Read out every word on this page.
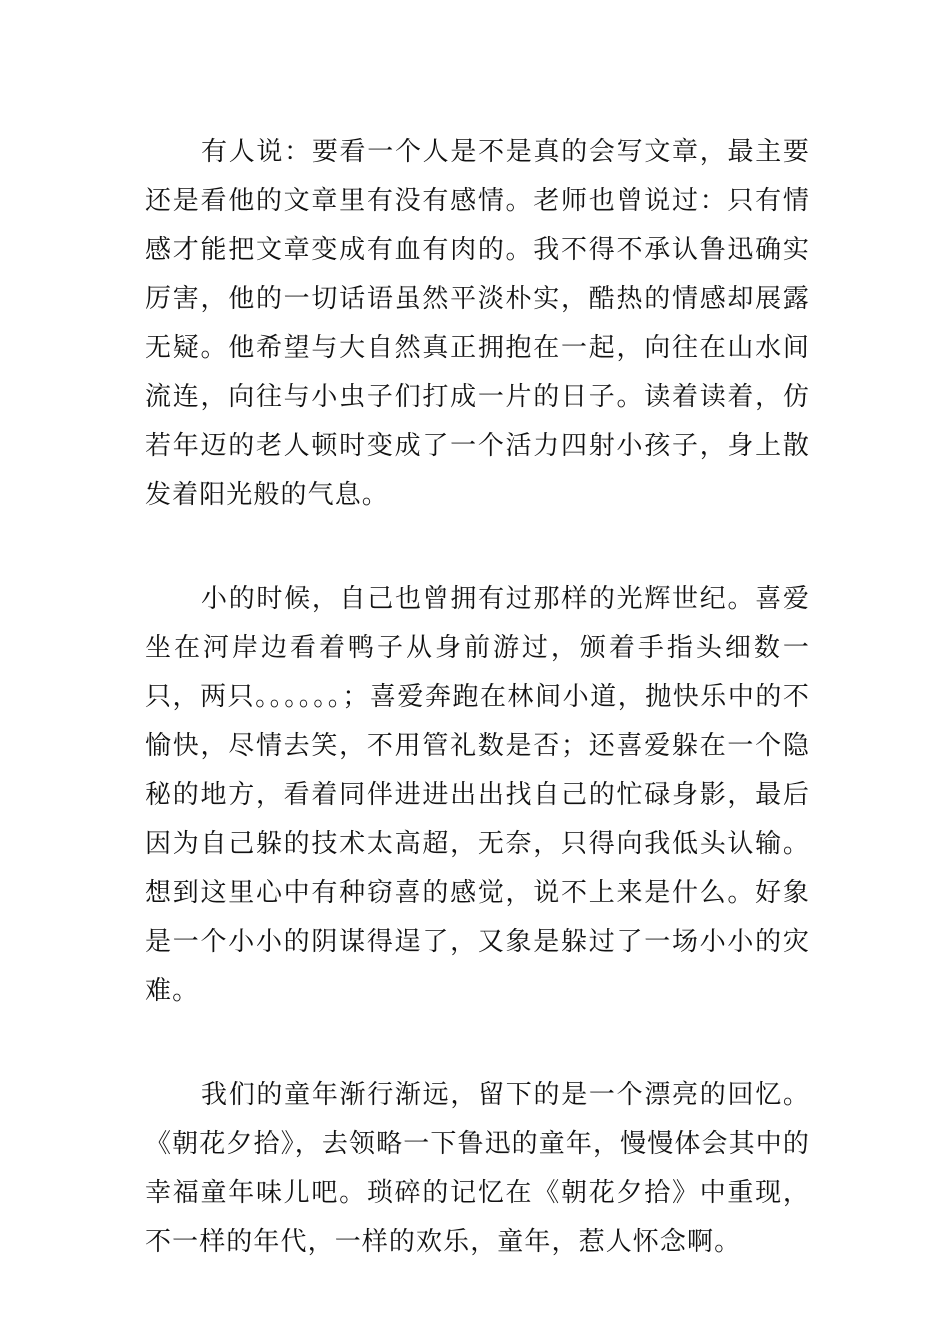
有人说：要看一个人是不是真的会写文章，最主要还是看他的文章里有没有感情。老师也曾说过：只有情感才能把文章变成有血有肉的。我不得不承认鲁迅确实厉害，他的一切话语虽然平淡朴实，酷热的情感却展露无疑。他希望与大自然真正拥抱在一起，向往在山水间流连，向往与小虫子们打成一片的日子。读着读着，仿若年迈的老人顿时变成了一个活力四射小孩子，身上散发着阳光般的气息。

小的时候，自己也曾拥有过那样的光辉世纪。喜爱坐在河岸边看着鸭子从身前游过，颁着手指头细数一只，两只。。。。。。；喜爱奔跑在林间小道，抛快乐中的不愉快，尽情去笑，不用管礼数是否；还喜爱躲在一个隐秘的地方，看着同伴进进出出找自己的忙碌身影，最后因为自己躲的技术太高超，无奈，只得向我低头认输。想到这里心中有种窃喜的感觉，说不上来是什么。好象是一个小小的阴谋得逞了，又象是躲过了一场小小的灾难。

我们的童年渐行渐远，留下的是一个漂亮的回忆。《朝花夕拾》，去领略一下鲁迅的童年，慢慢体会其中的幸福童年味儿吧。琐碎的记忆在《朝花夕拾》中重现，不一样的年代，一样的欢乐，童年，惹人怀念啊。
